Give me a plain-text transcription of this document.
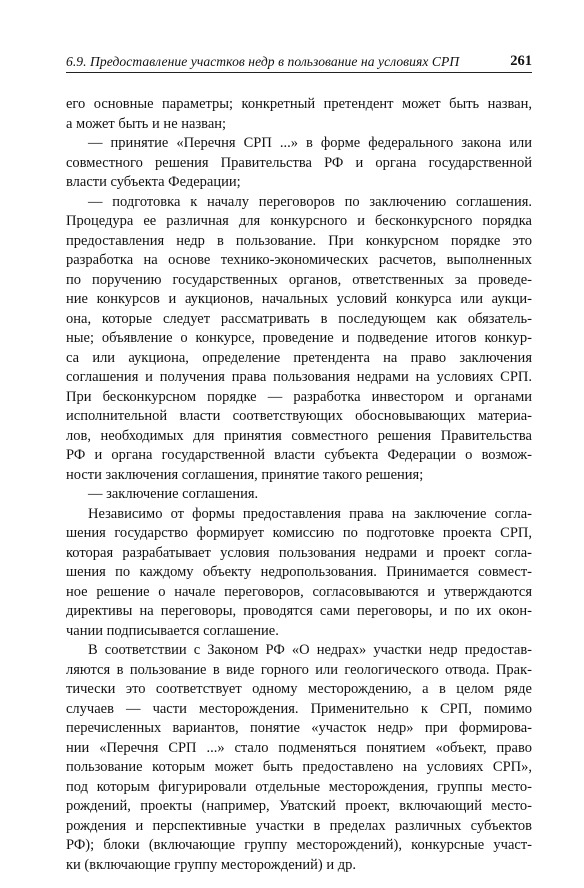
6.9. Предоставление участков недр в пользование на условиях СРП	261
его основные параметры; конкретный претендент может быть назван,
а может быть и не назван;
— принятие «Перечня СРП ...» в форме федерального закона или
совместного решения Правительства РФ и органа государственной
власти субъекта Федерации;
— подготовка к началу переговоров по заключению соглашения.
Процедура ее различная для конкурсного и бесконкурсного порядка
предоставления недр в пользование. При конкурсном порядке это
разработка на основе технико-экономических расчетов, выполненных
по поручению государственных органов, ответственных за проведе-
ние конкурсов и аукционов, начальных условий конкурса или аукци-
она, которые следует рассматривать в последующем как обязатель-
ные; объявление о конкурсе, проведение и подведение итогов конкур-
са или аукциона, определение претендента на право заключения
соглашения и получения права пользования недрами на условиях СРП.
При бесконкурсном порядке — разработка инвестором и органами
исполнительной власти соответствующих обосновывающих материа-
лов, необходимых для принятия совместного решения Правительства
РФ и органа государственной власти субъекта Федерации о возмож-
ности заключения соглашения, принятие такого решения;
— заключение соглашения.
Независимо от формы предоставления права на заключение согла-
шения государство формирует комиссию по подготовке проекта СРП,
которая разрабатывает условия пользования недрами и проект согла-
шения по каждому объекту недропользования. Принимается совмест-
ное решение о начале переговоров, согласовываются и утверждаются
директивы на переговоры, проводятся сами переговоры, и по их окон-
чании подписывается соглашение.
В соответствии с Законом РФ «О недрах» участки недр предостав-
ляются в пользование в виде горного или геологического отвода. Прак-
тически это соответствует одному месторождению, а в целом ряде
случаев — части месторождения. Применительно к СРП, помимо
перечисленных вариантов, понятие «участок недр» при формирова-
нии «Перечня СРП ...» стало подменяться понятием «объект, право
пользование которым может быть предоставлено на условиях СРП»,
под которым фигурировали отдельные месторождения, группы место-
рождений, проекты (например, Уватский проект, включающий место-
рождения и перспективные участки в пределах различных субъектов
РФ); блоки (включающие группу месторождений), конкурсные участ-
ки (включающие группу месторождений) и др.
